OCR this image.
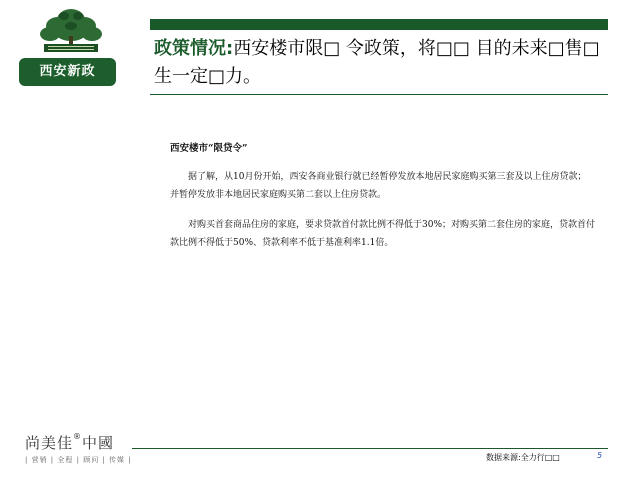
西安新政
政策情况:西安楼市限□ 令政策，将□□ 目的未来□售□生一定□力。
西安楼市“限贷令”

据了解，从10月份开始，西安各商业银行就已经暂停发放本地居民家庭购买第三套及以上住房贷款；并暂停发放非本地居民家庭购买第二套以上住房贷款。

对购买首套商品住房的家庭，要求贷款首付款比例不得低于30%；对购买第二套住房的家庭，贷款首付款比例不得低于50%、贷款利率不低于基准利率1.1倍。

尚美佳®中國
| 营销 | 全程 | 顾问 | 传媒 |	数据来源:全力行□□	5
